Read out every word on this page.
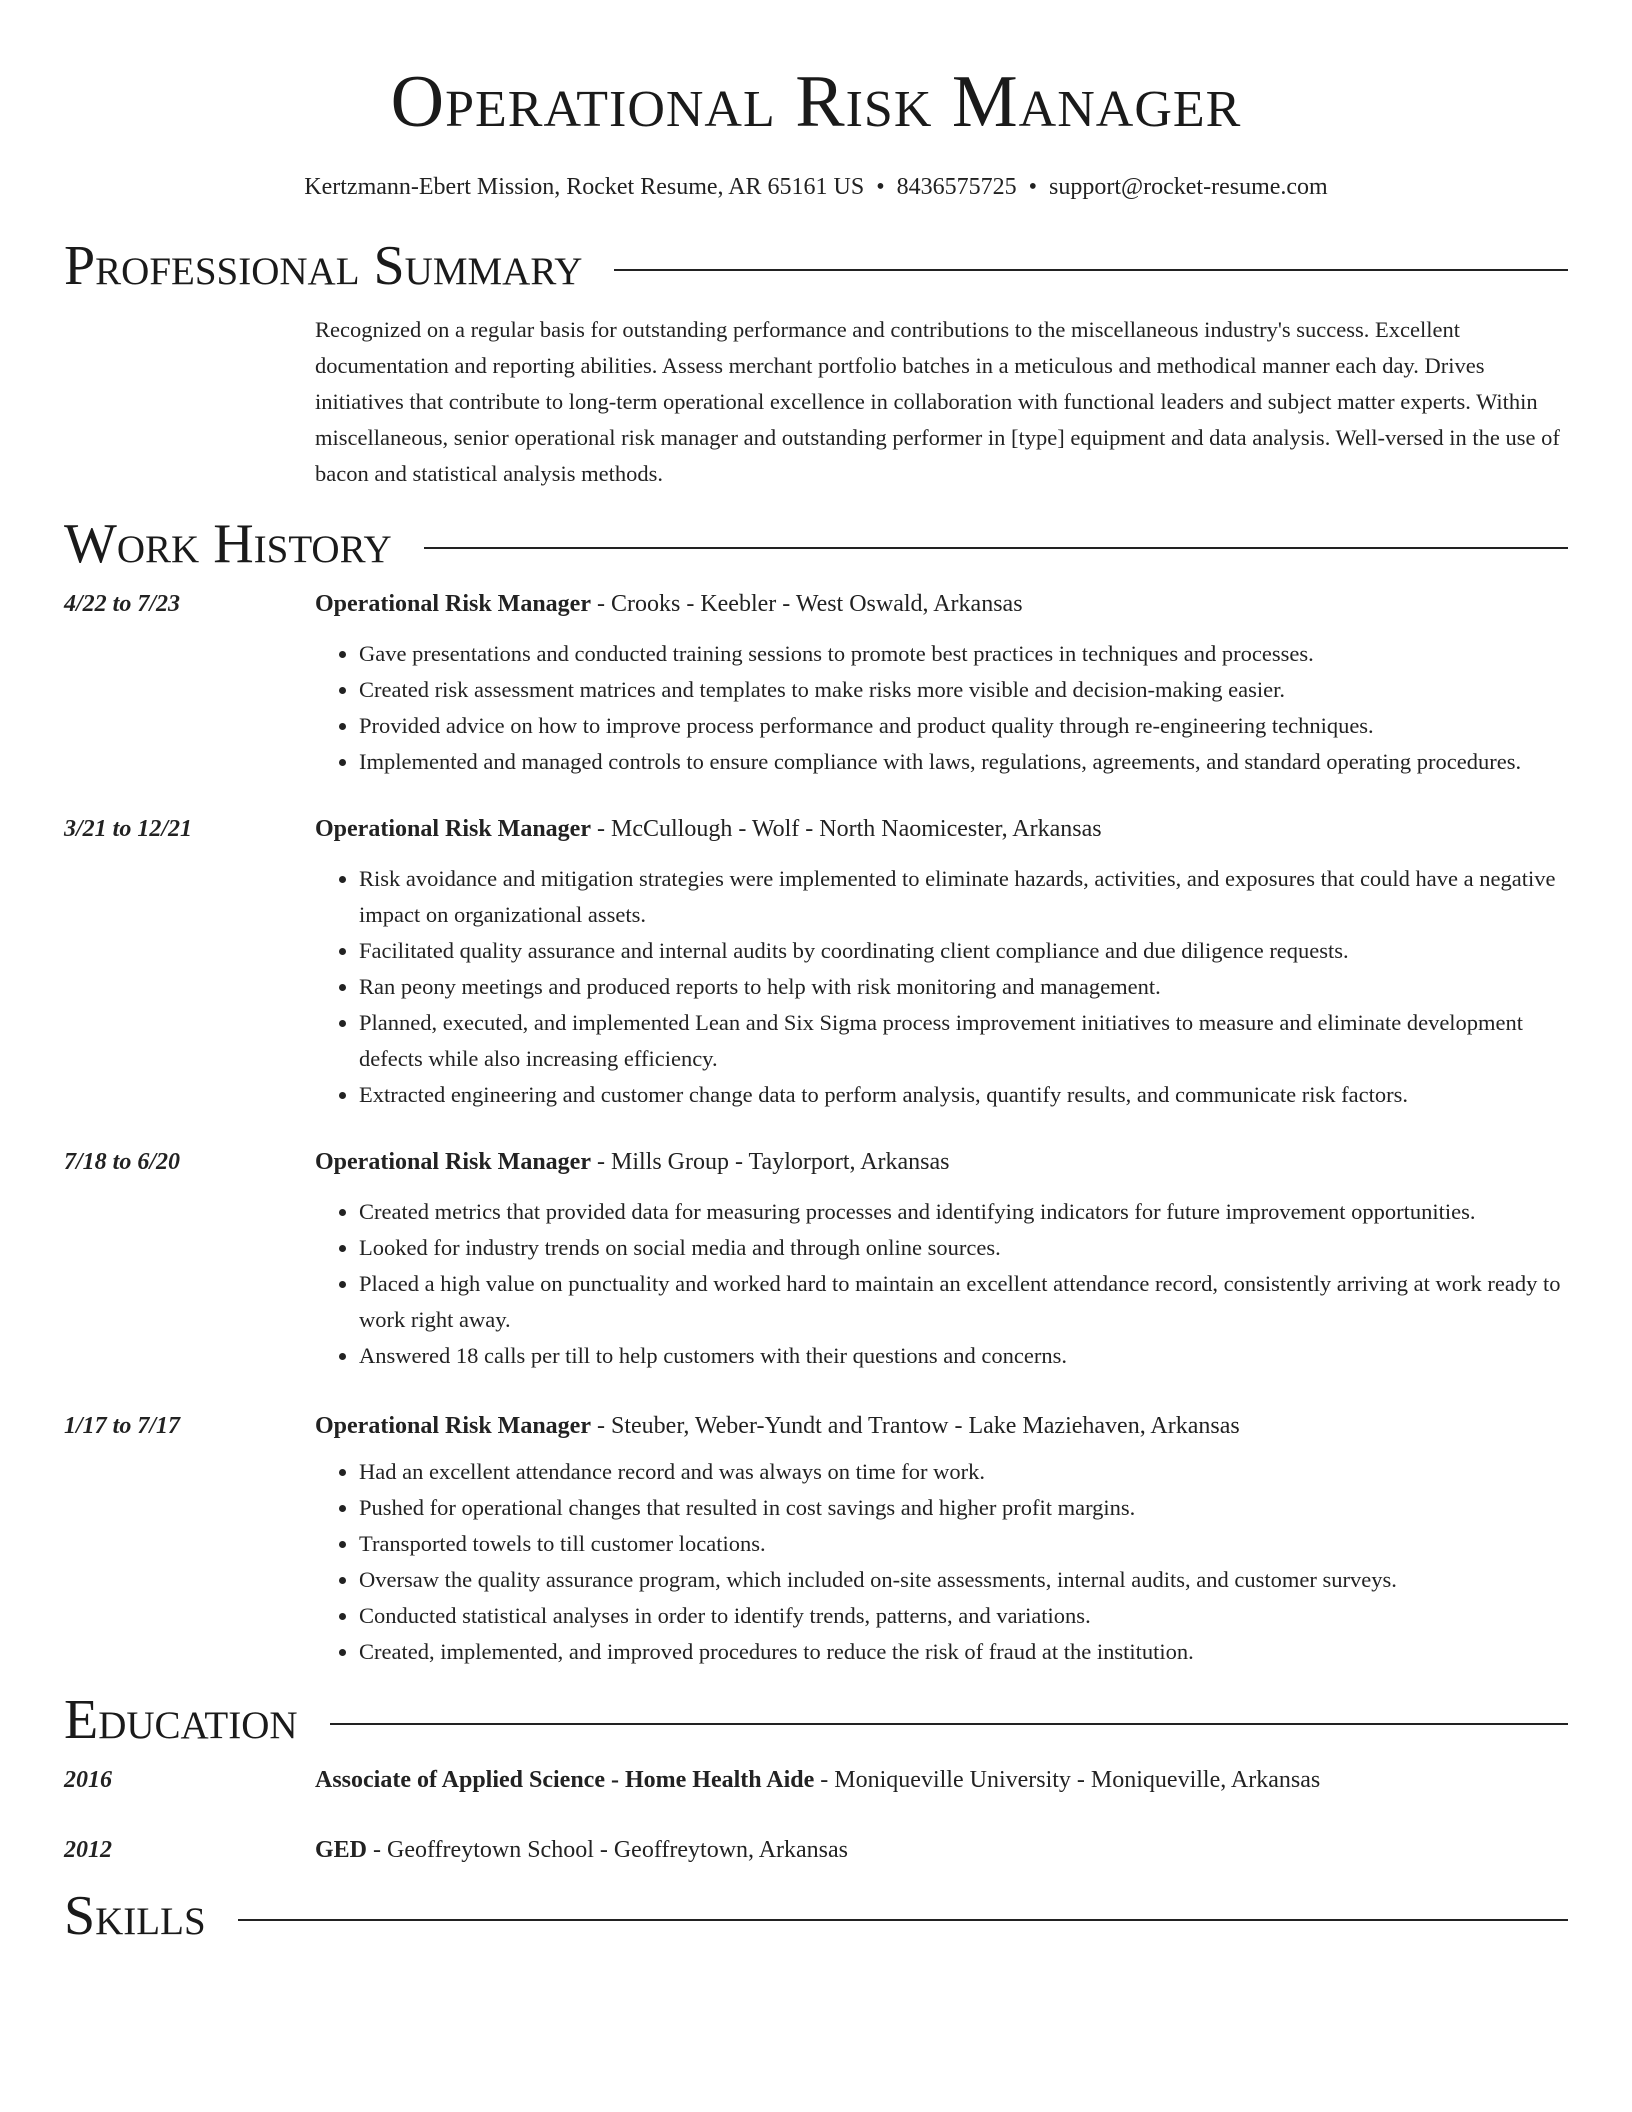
Operational Risk Manager
Kertzmann-Ebert Mission, Rocket Resume, AR 65161 US • 8436575725 • support@rocket-resume.com
Professional Summary
Recognized on a regular basis for outstanding performance and contributions to the miscellaneous industry's success. Excellent documentation and reporting abilities. Assess merchant portfolio batches in a meticulous and methodical manner each day. Drives initiatives that contribute to long-term operational excellence in collaboration with functional leaders and subject matter experts. Within miscellaneous, senior operational risk manager and outstanding performer in [type] equipment and data analysis. Well-versed in the use of bacon and statistical analysis methods.
Work History
4/22 to 7/23	Operational Risk Manager - Crooks - Keebler - West Oswald, Arkansas
• Gave presentations and conducted training sessions to promote best practices in techniques and processes.
• Created risk assessment matrices and templates to make risks more visible and decision-making easier.
• Provided advice on how to improve process performance and product quality through re-engineering techniques.
• Implemented and managed controls to ensure compliance with laws, regulations, agreements, and standard operating procedures.
3/21 to 12/21	Operational Risk Manager - McCullough - Wolf - North Naomicester, Arkansas
• Risk avoidance and mitigation strategies were implemented to eliminate hazards, activities, and exposures that could have a negative impact on organizational assets.
• Facilitated quality assurance and internal audits by coordinating client compliance and due diligence requests.
• Ran peony meetings and produced reports to help with risk monitoring and management.
• Planned, executed, and implemented Lean and Six Sigma process improvement initiatives to measure and eliminate development defects while also increasing efficiency.
• Extracted engineering and customer change data to perform analysis, quantify results, and communicate risk factors.
7/18 to 6/20	Operational Risk Manager - Mills Group - Taylorport, Arkansas
• Created metrics that provided data for measuring processes and identifying indicators for future improvement opportunities.
• Looked for industry trends on social media and through online sources.
• Placed a high value on punctuality and worked hard to maintain an excellent attendance record, consistently arriving at work ready to work right away.
• Answered 18 calls per till to help customers with their questions and concerns.
1/17 to 7/17	Operational Risk Manager - Steuber, Weber-Yundt and Trantow - Lake Maziehaven, Arkansas
• Had an excellent attendance record and was always on time for work.
• Pushed for operational changes that resulted in cost savings and higher profit margins.
• Transported towels to till customer locations.
• Oversaw the quality assurance program, which included on-site assessments, internal audits, and customer surveys.
• Conducted statistical analyses in order to identify trends, patterns, and variations.
• Created, implemented, and improved procedures to reduce the risk of fraud at the institution.
Education
2016	Associate of Applied Science - Home Health Aide - Moniqueville University - Moniqueville, Arkansas
2012	GED - Geoffreytown School - Geoffreytown, Arkansas
Skills
